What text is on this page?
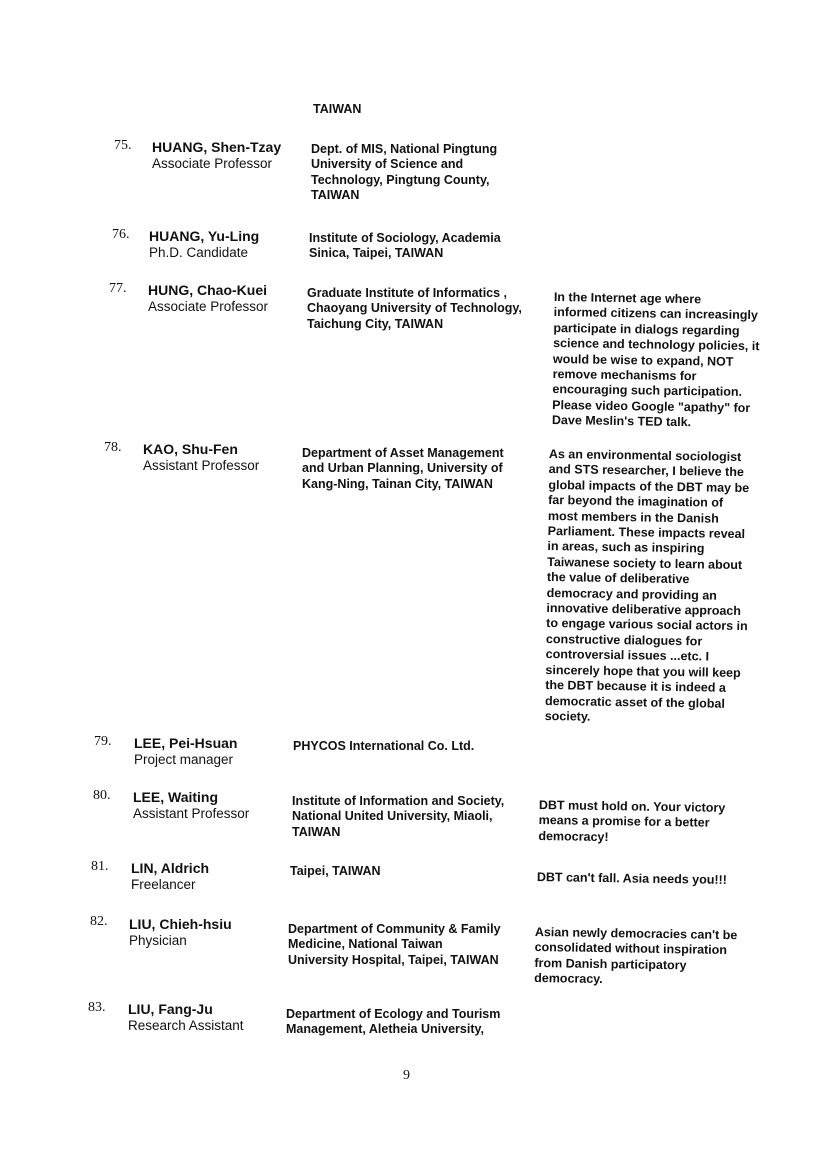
TAIWAN
75. HUANG, Shen-Tzay
Associate Professor
Dept. of MIS, National Pingtung
University of Science and
Technology, Pingtung County,
TAIWAN
76. HUANG, Yu-Ling
Ph.D. Candidate
Institute of Sociology, Academia
Sinica, Taipei, TAIWAN
77. HUNG, Chao-Kuei
Associate Professor
Graduate Institute of Informatics ,
Chaoyang University of Technology,
Taichung City, TAIWAN
In the Internet age where
informed citizens can increasingly
participate in dialogs regarding
science and technology policies, it
would be wise to expand, NOT
remove mechanisms for
encouraging such participation.
Please video Google "apathy" for
Dave Meslin's TED talk.
78. KAO, Shu-Fen
Assistant Professor
Department of Asset Management
and Urban Planning, University of
Kang-Ning, Tainan City, TAIWAN
As an environmental sociologist
and STS researcher, I believe the
global impacts of the DBT may be
far beyond the imagination of
most members in the Danish
Parliament. These impacts reveal
in areas, such as inspiring
Taiwanese society to learn about
the value of deliberative
democracy and providing an
innovative deliberative approach
to engage various social actors in
constructive dialogues for
controversial issues ...etc. I
sincerely hope that you will keep
the DBT because it is indeed a
democratic asset of the global
society.
79. LEE, Pei-Hsuan
Project manager
PHYCOS International Co. Ltd.
80. LEE, Waiting
Assistant Professor
Institute of Information and Society,
National United University, Miaoli,
TAIWAN
DBT must hold on. Your victory
means a promise for a better
democracy!
81. LIN, Aldrich
Freelancer
Taipei, TAIWAN	DBT can't fall. Asia needs you!!!
82. LIU, Chieh-hsiu
Physician
Department of Community & Family
Medicine, National Taiwan
University Hospital, Taipei, TAIWAN
Asian newly democracies can't be
consolidated without inspiration
from Danish participatory
democracy.
83. LIU, Fang-Ju
Research Assistant
Department of Ecology and Tourism
Management, Aletheia University,
9
